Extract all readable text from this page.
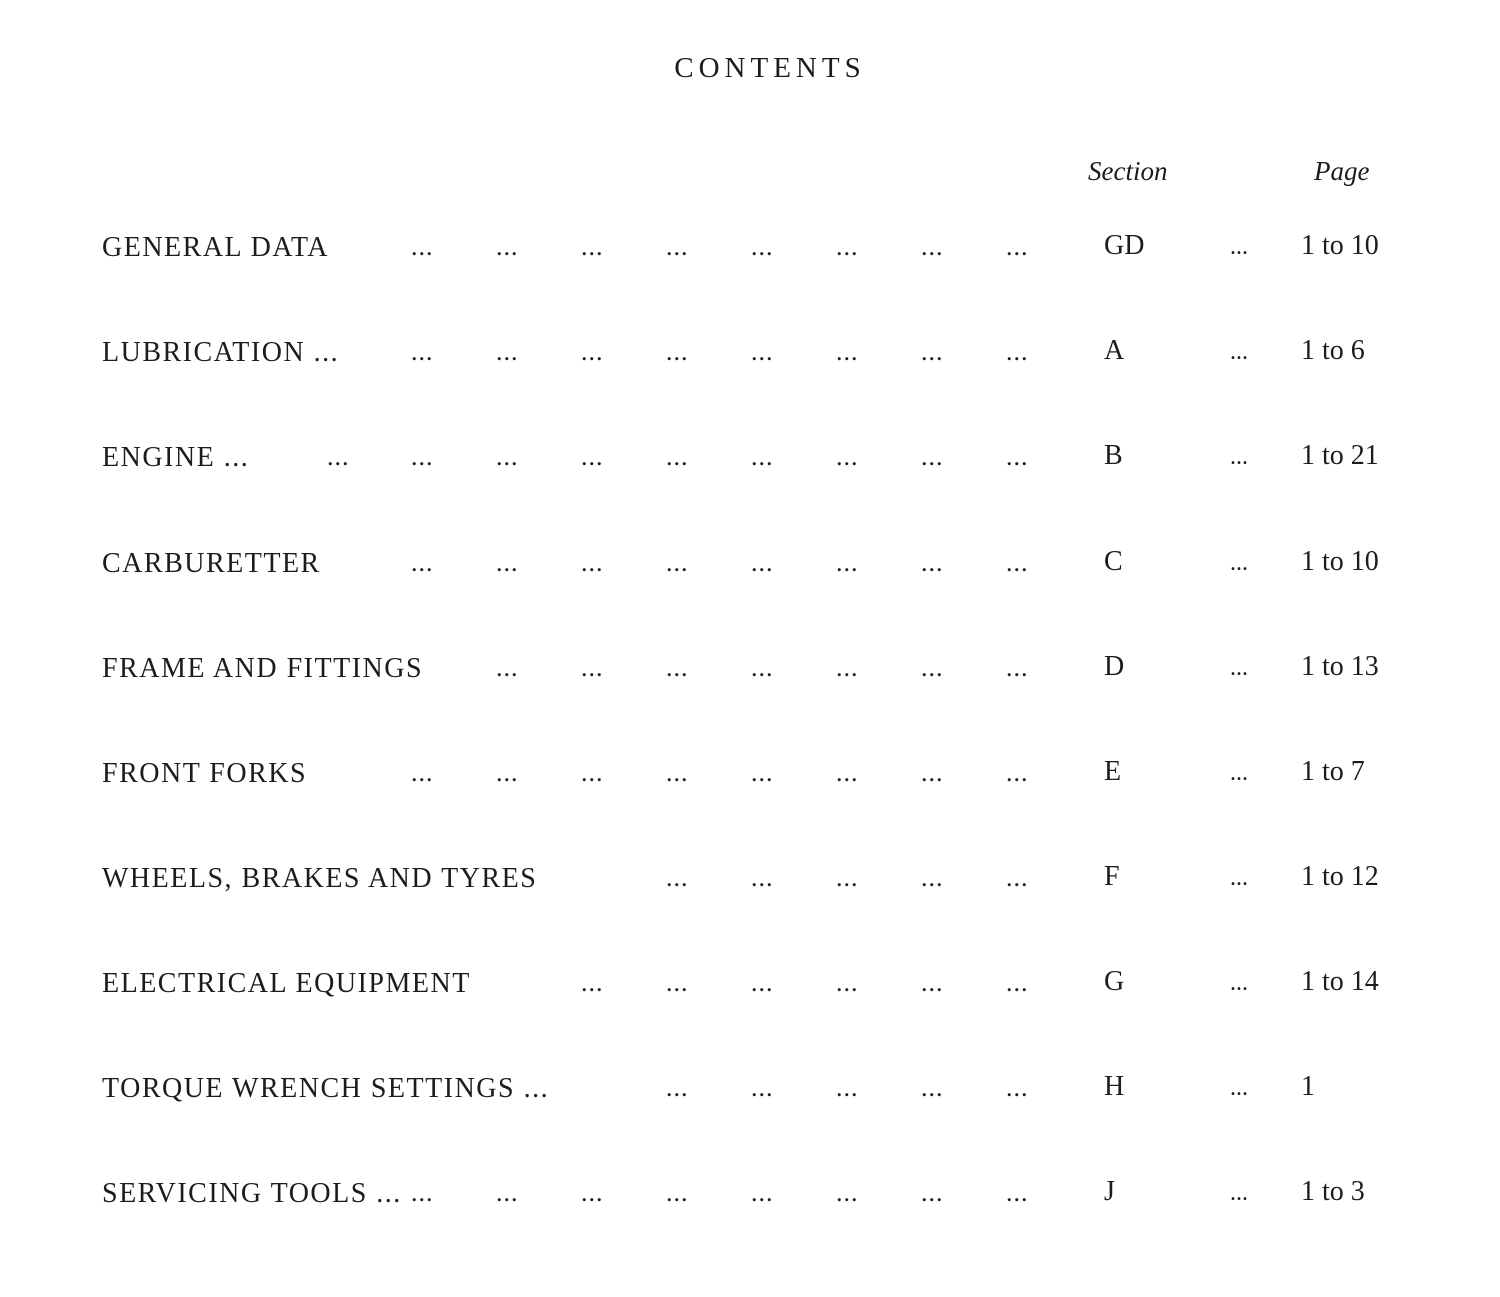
CONTENTS
Section	Page
GENERAL DATA	... ... ... ... ... ... ... ...	GD	... 1 to 10
LUBRICATION ...	... ... ... ... ... ... ... ...	A	... 1 to 6
ENGINE ...	... ... ... ... ... ... ... ... ...	B	... 1 to 21
CARBURETTER	... ... ... ... ... ... ... ...	C	... 1 to 10
FRAME AND FITTINGS	... ... ... ... ... ... ...	D	... 1 to 13
FRONT FORKS	... ... ... ... ... ... ... ...	E	... 1 to 7
WHEELS, BRAKES AND TYRES	... ... ... ... ...	F	... 1 to 12
ELECTRICAL EQUIPMENT	... ... ... ... ... ...	G	... 1 to 14
TORQUE WRENCH SETTINGS ...	... ... ... ... ...	H	... 1
SERVICING TOOLS ... ... ... ... ... ... ... ... ...	J	... 1 to 3
